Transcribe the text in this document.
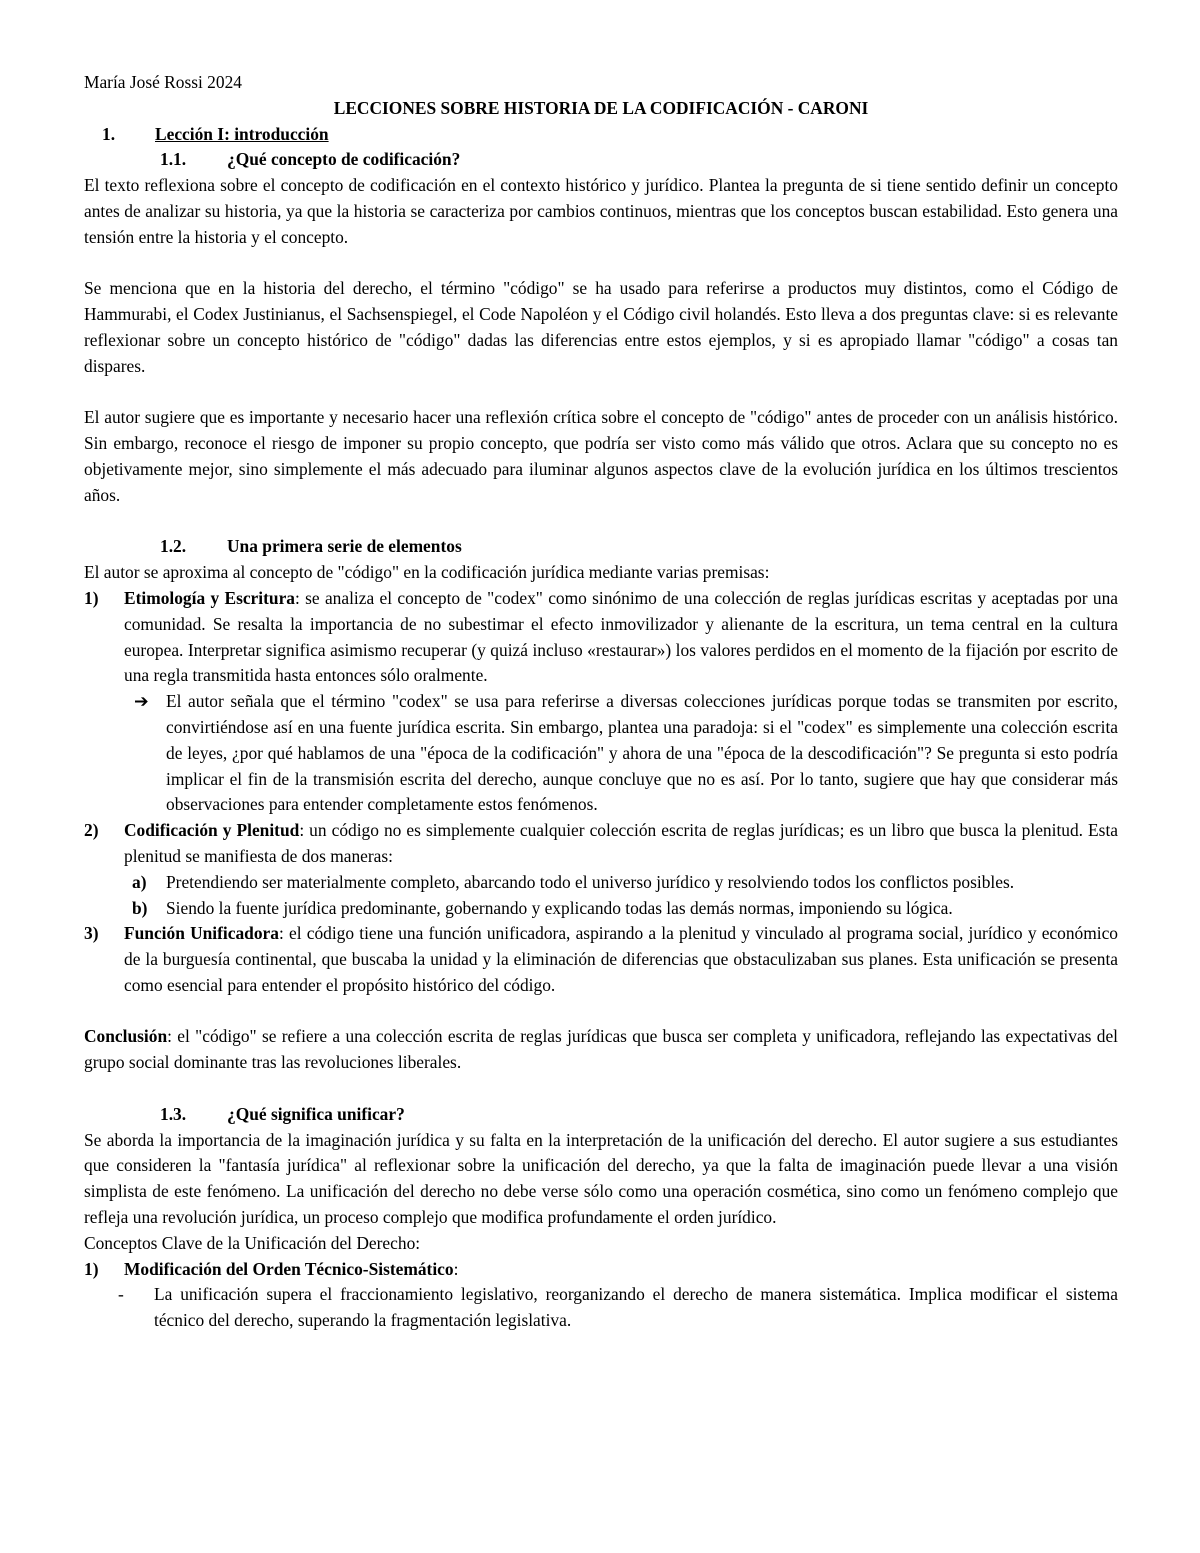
María José Rossi 2024

LECCIONES SOBRE HISTORIA DE LA CODIFICACIÓN - CARONI

1.	Lección I: introducción
1.1.	¿Qué concepto de codificación?

El texto reflexiona sobre el concepto de codificación en el contexto histórico y jurídico. Plantea la pregunta de si tiene sentido definir un concepto antes de analizar su historia, ya que la historia se caracteriza por cambios continuos, mientras que los conceptos buscan estabilidad. Esto genera una tensión entre la historia y el concepto.

Se menciona que en la historia del derecho, el término "código" se ha usado para referirse a productos muy distintos, como el Código de Hammurabi, el Codex Justinianus, el Sachsenspiegel, el Code Napoléon y el Código civil holandés. Esto lleva a dos preguntas clave: si es relevante reflexionar sobre un concepto histórico de "código" dadas las diferencias entre estos ejemplos, y si es apropiado llamar "código" a cosas tan dispares.

El autor sugiere que es importante y necesario hacer una reflexión crítica sobre el concepto de "código" antes de proceder con un análisis histórico. Sin embargo, reconoce el riesgo de imponer su propio concepto, que podría ser visto como más válido que otros. Aclara que su concepto no es objetivamente mejor, sino simplemente el más adecuado para iluminar algunos aspectos clave de la evolución jurídica en los últimos trescientos años.

1.2.	Una primera serie de elementos

El autor se aproxima al concepto de "código" en la codificación jurídica mediante varias premisas:

1)	Etimología y Escritura: se analiza el concepto de "codex" como sinónimo de una colección de reglas jurídicas escritas y aceptadas por una comunidad. Se resalta la importancia de no subestimar el efecto inmovilizador y alienante de la escritura, un tema central en la cultura europea. Interpretar significa asimismo recuperar (y quizá incluso «restaurar») los valores perdidos en el momento de la fijación por escrito de una regla transmitida hasta entonces sólo oralmente.
➔	El autor señala que el término "codex" se usa para referirse a diversas colecciones jurídicas porque todas se transmiten por escrito, convirtiéndose así en una fuente jurídica escrita. Sin embargo, plantea una paradoja: si el "codex" es simplemente una colección escrita de leyes, ¿por qué hablamos de una "época de la codificación" y ahora de una "época de la descodificación"? Se pregunta si esto podría implicar el fin de la transmisión escrita del derecho, aunque concluye que no es así. Por lo tanto, sugiere que hay que considerar más observaciones para entender completamente estos fenómenos.
2)	Codificación y Plenitud: un código no es simplemente cualquier colección escrita de reglas jurídicas; es un libro que busca la plenitud. Esta plenitud se manifiesta de dos maneras:
a)	Pretendiendo ser materialmente completo, abarcando todo el universo jurídico y resolviendo todos los conflictos posibles.
b)	Siendo la fuente jurídica predominante, gobernando y explicando todas las demás normas, imponiendo su lógica.
3)	Función Unificadora: el código tiene una función unificadora, aspirando a la plenitud y vinculado al programa social, jurídico y económico de la burguesía continental, que buscaba la unidad y la eliminación de diferencias que obstaculizaban sus planes. Esta unificación se presenta como esencial para entender el propósito histórico del código.

Conclusión: el "código" se refiere a una colección escrita de reglas jurídicas que busca ser completa y unificadora, reflejando las expectativas del grupo social dominante tras las revoluciones liberales.

1.3.	¿Qué significa unificar?

Se aborda la importancia de la imaginación jurídica y su falta en la interpretación de la unificación del derecho. El autor sugiere a sus estudiantes que consideren la "fantasía jurídica" al reflexionar sobre la unificación del derecho, ya que la falta de imaginación puede llevar a una visión simplista de este fenómeno. La unificación del derecho no debe verse sólo como una operación cosmética, sino como un fenómeno complejo que refleja una revolución jurídica, un proceso complejo que modifica profundamente el orden jurídico.

Conceptos Clave de la Unificación del Derecho:

1)	Modificación del Orden Técnico-Sistemático:
-	La unificación supera el fraccionamiento legislativo, reorganizando el derecho de manera sistemática. Implica modificar el sistema técnico del derecho, superando la fragmentación legislativa.
